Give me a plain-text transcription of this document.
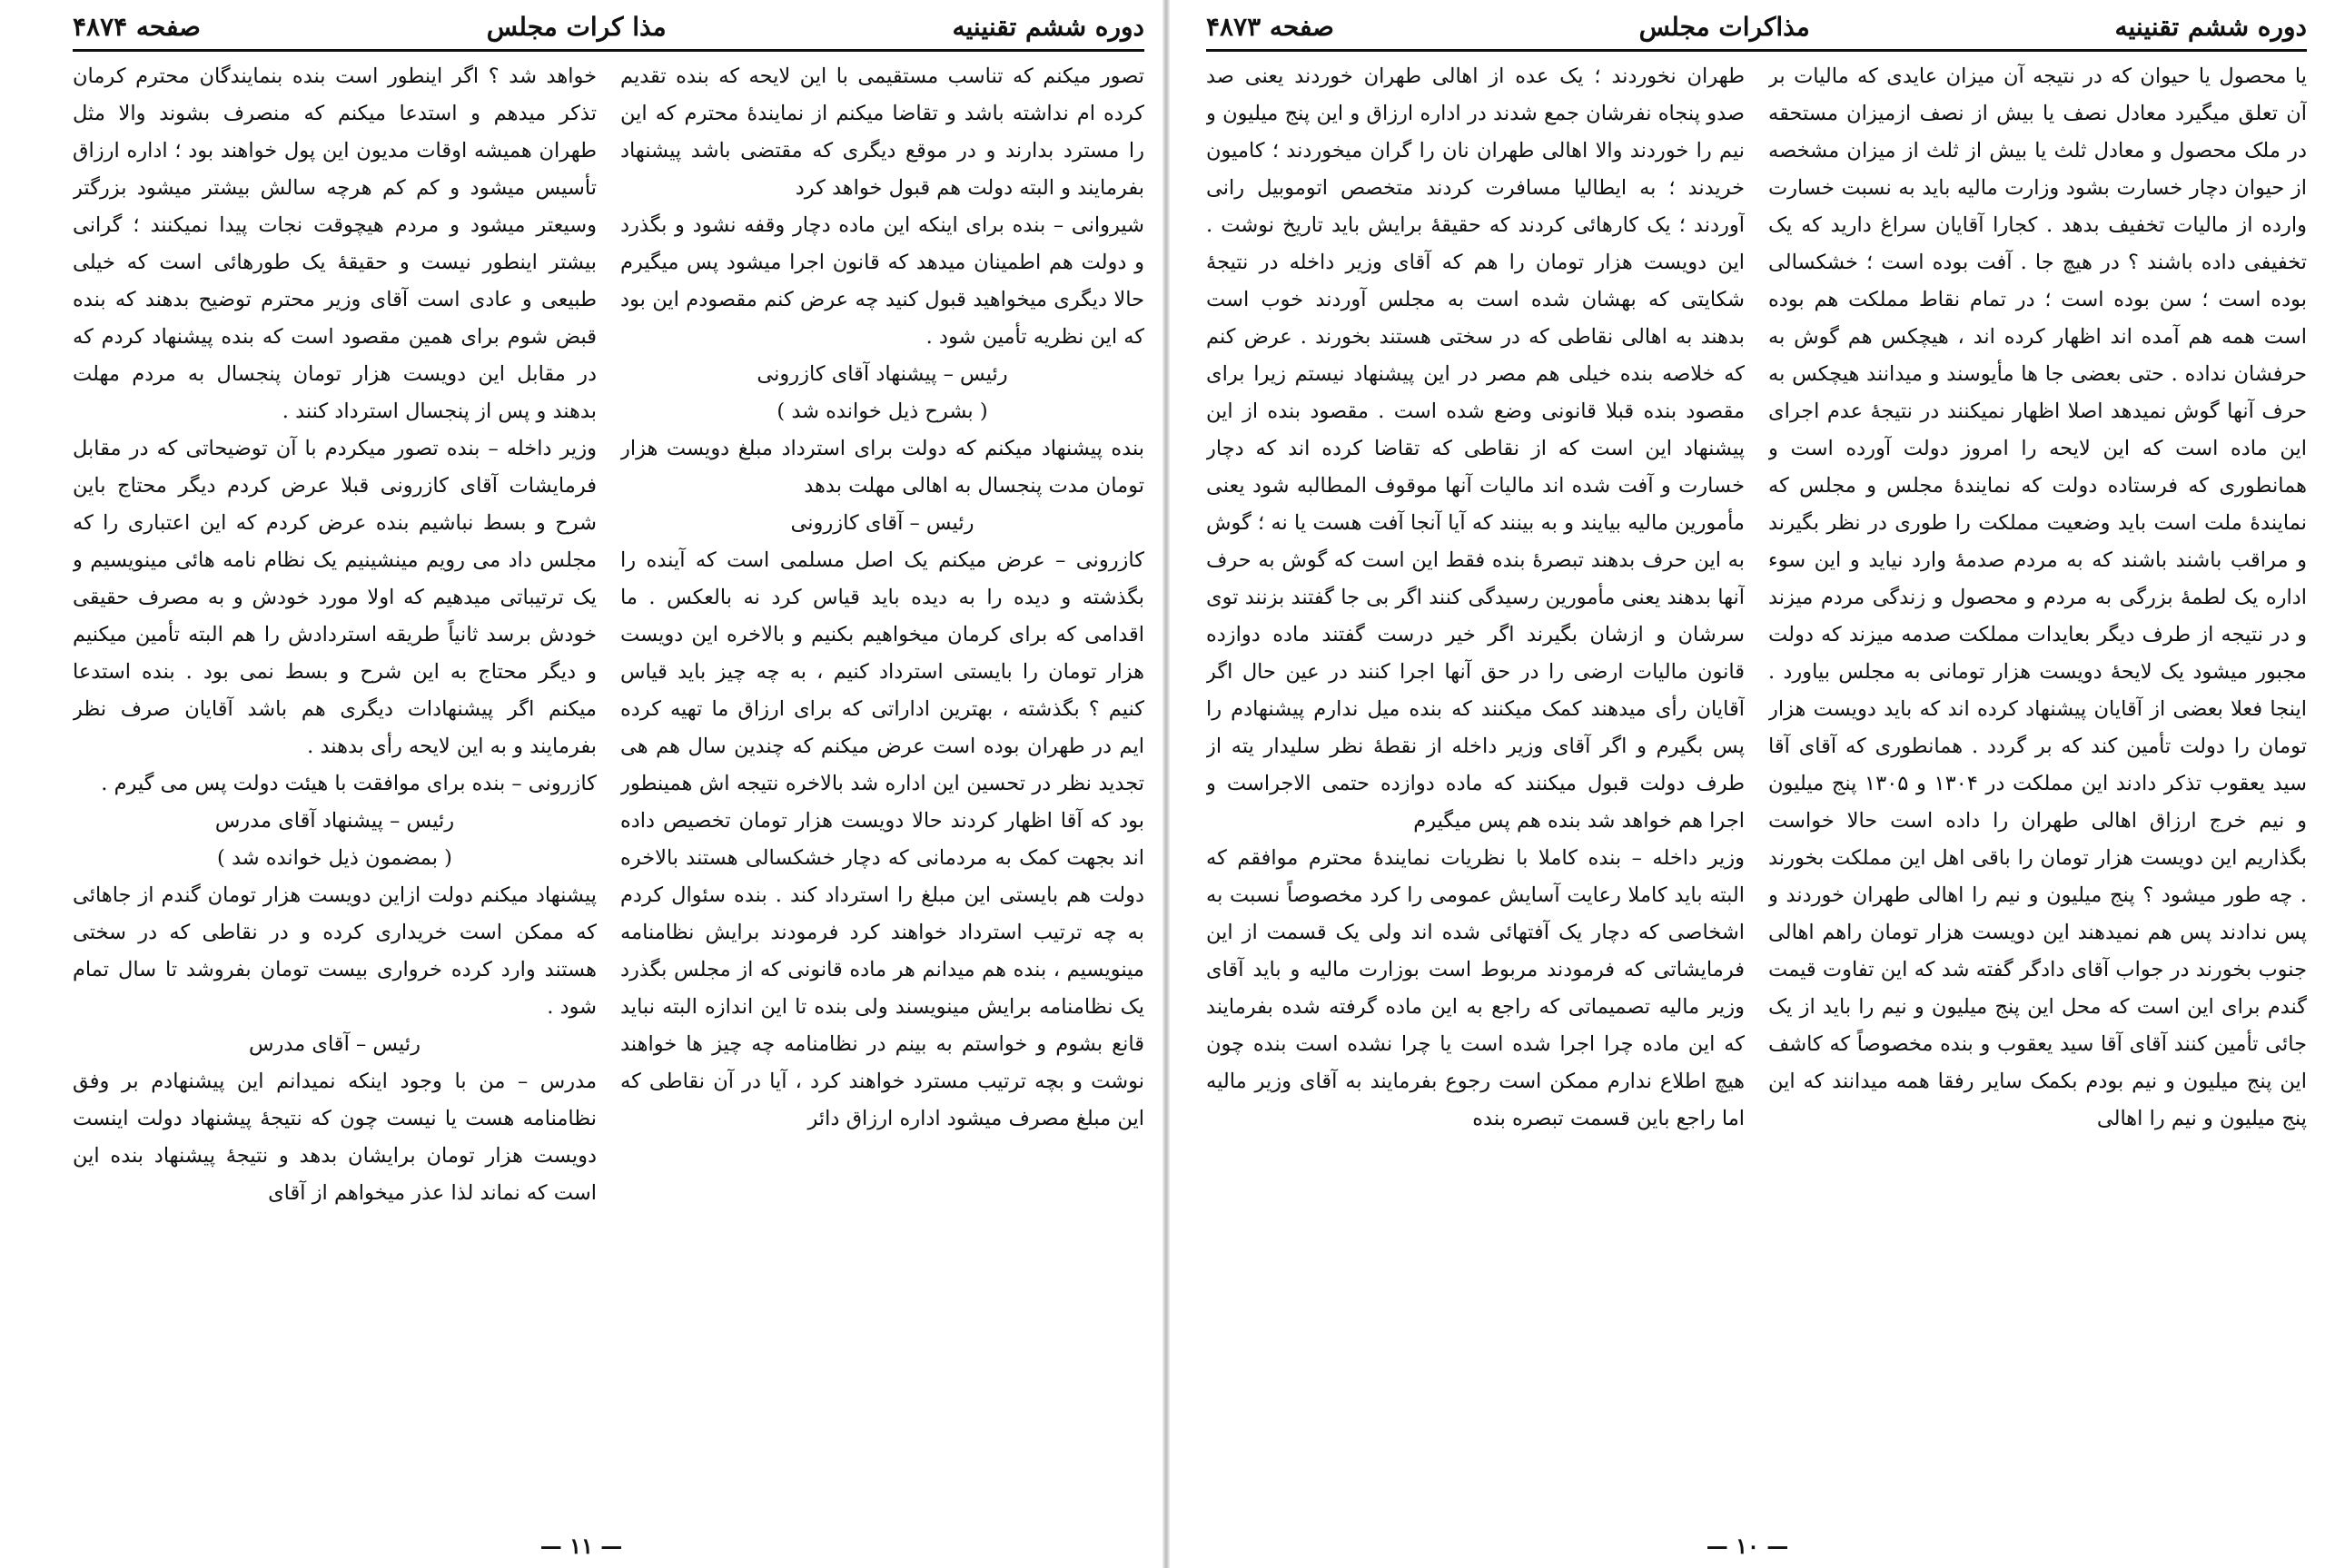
دوره ششم تقنینیه
مذا کرات مجلس
صفحه ۴۸۷۴

تصور میکنم که تناسب مستقیمی با این لایحه که بنده تقدیم کرده ام نداشته باشد و تقاضا میکنم از نمایندهٔ محترم که این را مسترد بدارند و در موقع دیگری که مقتضی باشد پیشنهاد بفرمایند و البته دولت هم قبول خواهد کرد

شیروانی – بنده برای اینکه این ماده دچار وقفه نشود و بگذرد و دولت هم اطمینان میدهد که قانون اجرا میشود پس میگیرم حالا دیگری میخواهید قبول کنید چه عرض کنم مقصودم این بود که این نظریه تأمین شود .

رئیس – پیشنهاد آقای کازرونی

( بشرح ذیل خوانده شد )

بنده پیشنهاد میکنم که دولت برای استرداد مبلغ دویست هزار تومان مدت پنجسال به اهالی مهلت بدهد

رئیس – آقای کازرونی

کازرونی – عرض میکنم یک اصل مسلمی است که آینده را بگذشته و دیده را به دیده باید قیاس کرد نه بالعکس . ما اقدامی که برای کرمان میخواهیم بکنیم و بالاخره این دویست هزار تومان را بایستی استرداد کنیم ، به چه چیز باید قیاس کنیم ؟ بگذشته ، بهترین اداراتی که برای ارزاق ما تهیه کرده ایم در طهران بوده است عرض میکنم که چندین سال هم هی تجدید نظر در تحسین این اداره شد بالاخره نتیجه اش همینطور بود که آقا اظهار کردند حالا دویست هزار تومان تخصیص داده اند بجهت کمک به مردمانی که دچار خشکسالی هستند بالاخره دولت هم بایستی این مبلغ را استرداد کند . بنده سئوال کردم به چه ترتیب استرداد خواهند کرد فرمودند برایش نظامنامه مینویسیم ، بنده هم میدانم هر ماده قانونی که از مجلس بگذرد یک نظامنامه برایش مینویسند ولی بنده تا این اندازه البته نباید قانع بشوم و خواستم به بینم در نظامنامه چه چیز ها خواهند نوشت و بچه ترتیب مسترد خواهند کرد ، آیا در آن نقاطی که این مبلغ مصرف میشود اداره ارزاق دائر

خواهد شد ؟ اگر اینطور است بنده بنمایندگان محترم کرمان تذکر میدهم و استدعا میکنم که منصرف بشوند والا مثل طهران همیشه اوقات مدیون این پول خواهند بود ؛ اداره ارزاق تأسیس میشود و کم کم هرچه سالش بیشتر میشود بزرگتر وسیعتر میشود و مردم هیچوقت نجات پیدا نمیکنند ؛ گرانی بیشتر اینطور نیست و حقیقهٔ یک طورهائی است که خیلی طبیعی و عادی است آقای وزیر محترم توضیح بدهند که بنده قبض شوم برای همین مقصود است که بنده پیشنهاد کردم که در مقابل این دویست هزار تومان پنجسال به مردم مهلت بدهند و پس از پنجسال استرداد کنند .

وزیر داخله – بنده تصور میکردم با آن توضیحاتی که در مقابل فرمایشات آقای کازرونی قبلا عرض کردم دیگر محتاج باین شرح و بسط نباشیم بنده عرض کردم که این اعتباری را که مجلس داد می رویم مینشینیم یک نظام نامه هائی مینویسیم و یک ترتیباتی میدهیم که اولا مورد خودش و به مصرف حقیقی خودش برسد ثانیاً طریقه استردادش را هم البته تأمین میکنیم و دیگر محتاج به این شرح و بسط نمی بود . بنده استدعا میکنم اگر پیشنهادات دیگری هم باشد آقایان صرف نظر بفرمایند و به این لایحه رأی بدهند .

کازرونی – بنده برای موافقت با هیئت دولت پس می گیرم .

رئیس – پیشنهاد آقای مدرس

( بمضمون ذیل خوانده شد )

پیشنهاد میکنم دولت ازاین دویست هزار تومان گندم از جاهائی که ممکن است خریداری کرده و در نقاطی که در سختی هستند وارد کرده خرواری بیست تومان بفروشد تا سال تمام شود .

رئیس – آقای مدرس

مدرس – من با وجود اینکه نمیدانم این پیشنهادم بر وفق نظامنامه هست یا نیست چون که نتیجهٔ پیشنهاد دولت اینست دویست هزار تومان برایشان بدهد و نتیجهٔ پیشنهاد بنده این است که نماند لذا عذر میخواهم از آقای

— ۱۱ —
دوره ششم تقنینیه
مذاکرات مجلس
صفحه ۴۸۷۳

یا محصول یا حیوان که در نتیجه آن میزان عایدی که مالیات بر آن تعلق میگیرد معادل نصف یا بیش از نصف ازمیزان مستحقه در ملک محصول و معادل ثلث یا بیش از ثلث از میزان مشخصه از حیوان دچار خسارت بشود وزارت مالیه باید به نسبت خسارت وارده از مالیات تخفیف بدهد . کجارا آقایان سراغ دارید که یک تخفیفی داده باشند ؟ در هیچ جا . آفت بوده است ؛ خشکسالی بوده است ؛ سن بوده است ؛ در تمام نقاط مملکت هم بوده است همه هم آمده اند اظهار کرده اند ، هیچکس هم گوش به حرفشان نداده . حتی بعضی جا ها مأیوسند و میدانند هیچکس به حرف آنها گوش نمیدهد اصلا اظهار نمیکنند در نتیجهٔ عدم اجرای این ماده است که این لایحه را امروز دولت آورده است و همانطوری که فرستاده دولت که نمایندهٔ مجلس و مجلس که نمایندهٔ ملت است باید وضعیت مملکت را طوری در نظر بگیرند و مراقب باشند باشند که به مردم صدمهٔ وارد نیاید و این سوء اداره یک لطمهٔ بزرگی به مردم و محصول و زندگی مردم میزند و در نتیجه از طرف دیگر بعایدات مملکت صدمه میزند که دولت مجبور میشود یک لایحهٔ دویست هزار تومانی به مجلس بیاورد . اینجا فعلا بعضی از آقایان پیشنهاد کرده اند که باید دویست هزار تومان را دولت تأمین کند که بر گردد . همانطوری که آقای آقا سید یعقوب تذکر دادند این مملکت در ۱۳۰۴ و ۱۳۰۵ پنج میلیون و نیم خرج ارزاق اهالی طهران را داده است حالا خواست بگذاریم این دویست هزار تومان را باقی اهل این مملکت بخورند . چه طور میشود ؟ پنج میلیون و نیم را اهالی طهران خوردند و پس ندادند پس هم نمیدهند این دویست هزار تومان راهم اهالی جنوب بخورند در جواب آقای دادگر گفته شد که این تفاوت قیمت گندم برای این است که محل این پنج میلیون و نیم را باید از یک جائی تأمین کنند آقای آقا سید یعقوب و بنده مخصوصاً که کاشف این پنج میلیون و نیم بودم بکمک سایر رفقا همه میدانند که این پنج میلیون و نیم را اهالی

طهران نخوردند ؛ یک عده از اهالی طهران خوردند یعنی صد صدو پنجاه نفرشان جمع شدند در اداره ارزاق و این پنج میلیون و نیم را خوردند والا اهالی طهران نان را گران میخوردند ؛ کامیون خریدند ؛ به ایطالیا مسافرت کردند متخصص اتوموبیل رانی آوردند ؛ یک کارهائی کردند که حقیقهٔ برایش باید تاریخ نوشت . این دویست هزار تومان را هم که آقای وزیر داخله در نتیجهٔ شکایتی که بهشان شده است به مجلس آوردند خوب است بدهند به اهالی نقاطی که در سختی هستند بخورند . عرض کنم که خلاصه بنده خیلی هم مصر در این پیشنهاد نیستم زیرا برای مقصود بنده قبلا قانونی وضع شده است . مقصود بنده از این پیشنهاد این است که از نقاطی که تقاضا کرده اند که دچار خسارت و آفت شده اند مالیات آنها موقوف المطالبه شود یعنی مأمورین مالیه بیایند و به بینند که آیا آنجا آفت هست یا نه ؛ گوش به این حرف بدهند تبصرهٔ بنده فقط این است که گوش به حرف آنها بدهند یعنی مأمورین رسیدگی کنند اگر بی جا گفتند بزنند توی سرشان و ازشان بگیرند اگر خیر درست گفتند ماده دوازده قانون مالیات ارضی را در حق آنها اجرا کنند در عین حال اگر آقایان رأی میدهند کمک میکنند که بنده میل ندارم پیشنهادم را پس بگیرم و اگر آقای وزیر داخله از نقطهٔ نظر سلیدار یته از طرف دولت قبول میکنند که ماده دوازده حتمی الاجراست و اجرا هم خواهد شد بنده هم پس میگیرم

وزیر داخله – بنده کاملا با نظریات نمایندهٔ محترم موافقم که البته باید کاملا رعایت آسایش عمومی را کرد مخصوصاً نسبت به اشخاصی که دچار یک آفتهائی شده اند ولی یک قسمت از این فرمایشاتی که فرمودند مربوط است بوزارت مالیه و باید آقای وزیر مالیه تصمیماتی که راجع به این ماده گرفته شده بفرمایند که این ماده چرا اجرا شده است یا چرا نشده است بنده چون هیچ اطلاع ندارم ممکن است رجوع بفرمایند به آقای وزیر مالیه اما راجع باین قسمت تبصره بنده

— ۱۰ —
